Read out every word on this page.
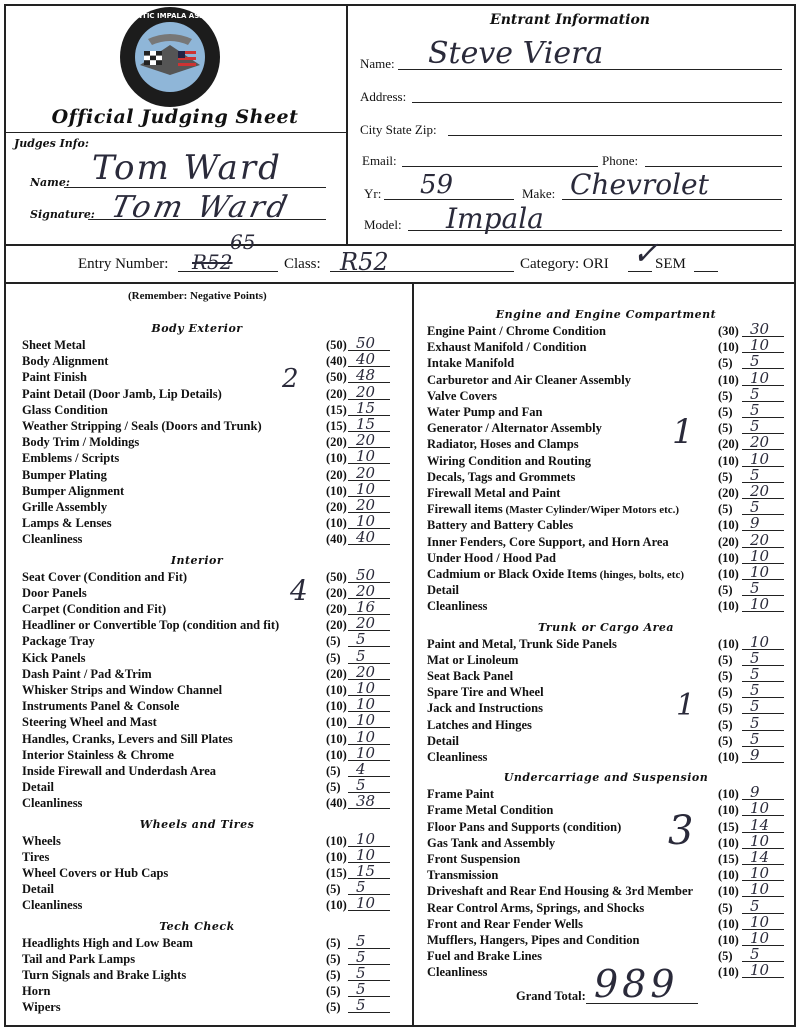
MID-ATLANTIC IMPALA ASSOCIATION
Official Judging Sheet
Judges Info:
Name:
Signature:
Tom Ward
Tom Ward
Entrant Information
Name: Steve Viera
Address:
City State Zip:
Email:	Phone:
Yr: 59	Make: Chevrolet
Model: Impala
Entry Number: R52
65
Class: R52	Category: ORI ✓
SEM
(Remember: Negative Points)
Body Exterior
Sheet Metal	(50) 50
Body Alignment	(40) 40
Paint Finish	(50) 48
Paint Detail (Door Jamb, Lip Details)	(20) 20
Glass Condition	(15) 15
Weather Stripping / Seals (Doors and Trunk)	(15) 15
Body Trim / Moldings	(20) 20
Emblems / Scripts	(10) 10
Bumper Plating	(20) 20
Bumper Alignment	(10) 10
Grille Assembly	(20) 20
Lamps & Lenses	(10) 10
Cleanliness	(40) 40
Interior
Seat Cover (Condition and Fit)	(50) 50
Door Panels	(20) 20
Carpet (Condition and Fit)	(20) 16
Headliner or Convertible Top (condition and fit)	(20) 20
Package Tray	(5) 5
Kick Panels	(5) 5
Dash Paint / Pad &Trim	(20) 20
Whisker Strips and Window Channel	(10) 10
Instruments Panel & Console	(10) 10
Steering Wheel and Mast	(10) 10
Handles, Cranks, Levers and Sill Plates	(10) 10
Interior Stainless & Chrome	(10) 10
Inside Firewall and Underdash Area	(5) 4
Detail	(5) 5
Cleanliness	(40) 38
Wheels and Tires
Wheels	(10) 10
Tires	(10) 10
Wheel Covers or Hub Caps	(15) 15
Detail	(5) 5
Cleanliness	(10) 10
Tech Check
Headlights High and Low Beam	(5) 5
Tail and Park Lamps	(5) 5
Turn Signals and Brake Lights	(5) 5
Horn	(5) 5
Wipers	(5) 5
Engine and Engine Compartment
Engine Paint / Chrome Condition	(30) 30
Exhaust Manifold / Condition	(10) 10
Intake Manifold	(5) 5
Carburetor and Air Cleaner Assembly	(10) 10
Valve Covers	(5) 5
Water Pump and Fan	(5) 5
Generator / Alternator Assembly	(5) 5
Radiator, Hoses and Clamps	(20) 20
Wiring Condition and Routing	(10) 10
Decals, Tags and Grommets	(5) 5
Firewall Metal and Paint	(20) 20
Firewall items (Master Cylinder/Wiper Motors etc.)	(5) 5
Battery and Battery Cables	(10) 9
Inner Fenders, Core Support, and Horn Area	(20) 20
Under Hood / Hood Pad	(10) 10
Cadmium or Black Oxide Items (hinges, bolts, etc)	(10) 10
Detail	(5) 5
Cleanliness	(10) 10
Trunk or Cargo Area
Paint and Metal, Trunk Side Panels	(10) 10
Mat or Linoleum	(5) 5
Seat Back Panel	(5) 5
Spare Tire and Wheel	(5) 5
Jack and Instructions	(5) 5
Latches and Hinges	(5) 5
Detail	(5) 5
Cleanliness	(10) 9
Undercarriage and Suspension
Frame Paint	(10) 9
Frame Metal Condition	(10) 10
Floor Pans and Supports (condition)	(15) 14
Gas Tank and Assembly	(10) 10
Front Suspension	(15) 14
Transmission	(10) 10
Driveshaft and Rear End Housing & 3rd Member (10) 10
Rear Control Arms, Springs, and Shocks	(5) 5
Front and Rear Fender Wells	(10) 10
Mufflers, Hangers, Pipes and Condition	(10) 10
Fuel and Brake Lines	(5) 5
Cleanliness	(10) 10
2
4
1
1
3
Grand Total: 989
